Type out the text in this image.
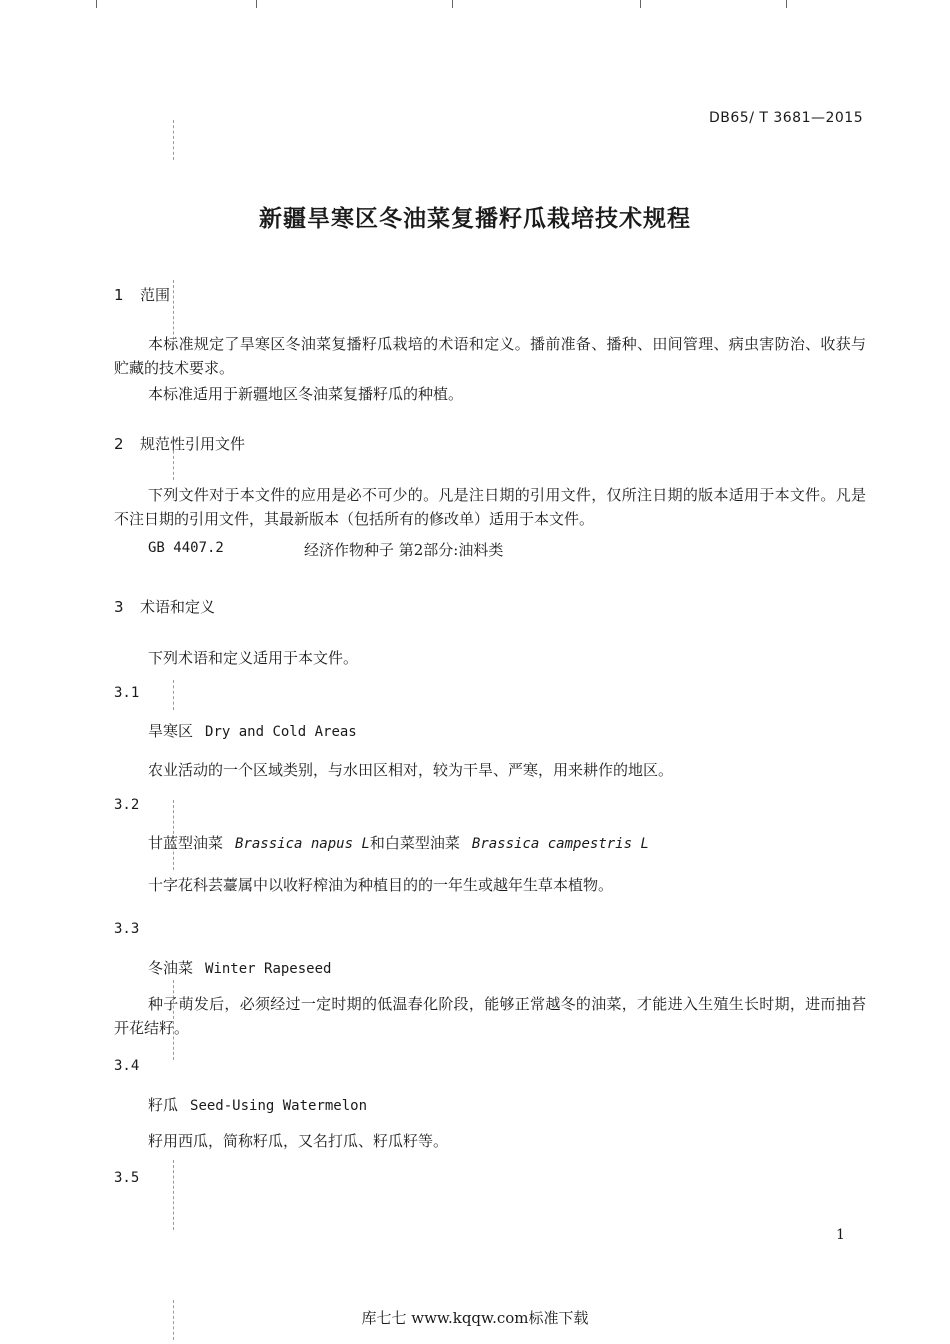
DB65/ T 3681—2015
新疆旱寒区冬油菜复播籽瓜栽培技术规程
1 范围
本标准规定了旱寒区冬油菜复播籽瓜栽培的术语和定义。播前准备、播种、田间管理、病虫害防治、收获与贮藏的技术要求。
本标准适用于新疆地区冬油菜复播籽瓜的种植。
2 规范性引用文件
下列文件对于本文件的应用是必不可少的。凡是注日期的引用文件，仅所注日期的版本适用于本文件。凡是不注日期的引用文件，其最新版本（包括所有的修改单）适用于本文件。
GB 4407.2	经济作物种子 第2部分:油料类
3 术语和定义
下列术语和定义适用于本文件。
3.1
旱寒区 Dry and Cold Areas
农业活动的一个区域类别，与水田区相对，较为干旱、严寒，用来耕作的地区。
3.2
甘蓝型油菜 Brassica napus L和白菜型油菜 Brassica campestris L
十字花科芸薹属中以收籽榨油为种植目的的一年生或越年生草本植物。
3.3
冬油菜 Winter Rapeseed
种子萌发后，必须经过一定时期的低温春化阶段，能够正常越冬的油菜，才能进入生殖生长时期，进而抽苔开花结籽。
3.4
籽瓜 Seed-Using Watermelon
籽用西瓜，简称籽瓜，又名打瓜、籽瓜籽等。
3.5
1
库七七 www.kqqw.com标准下载
